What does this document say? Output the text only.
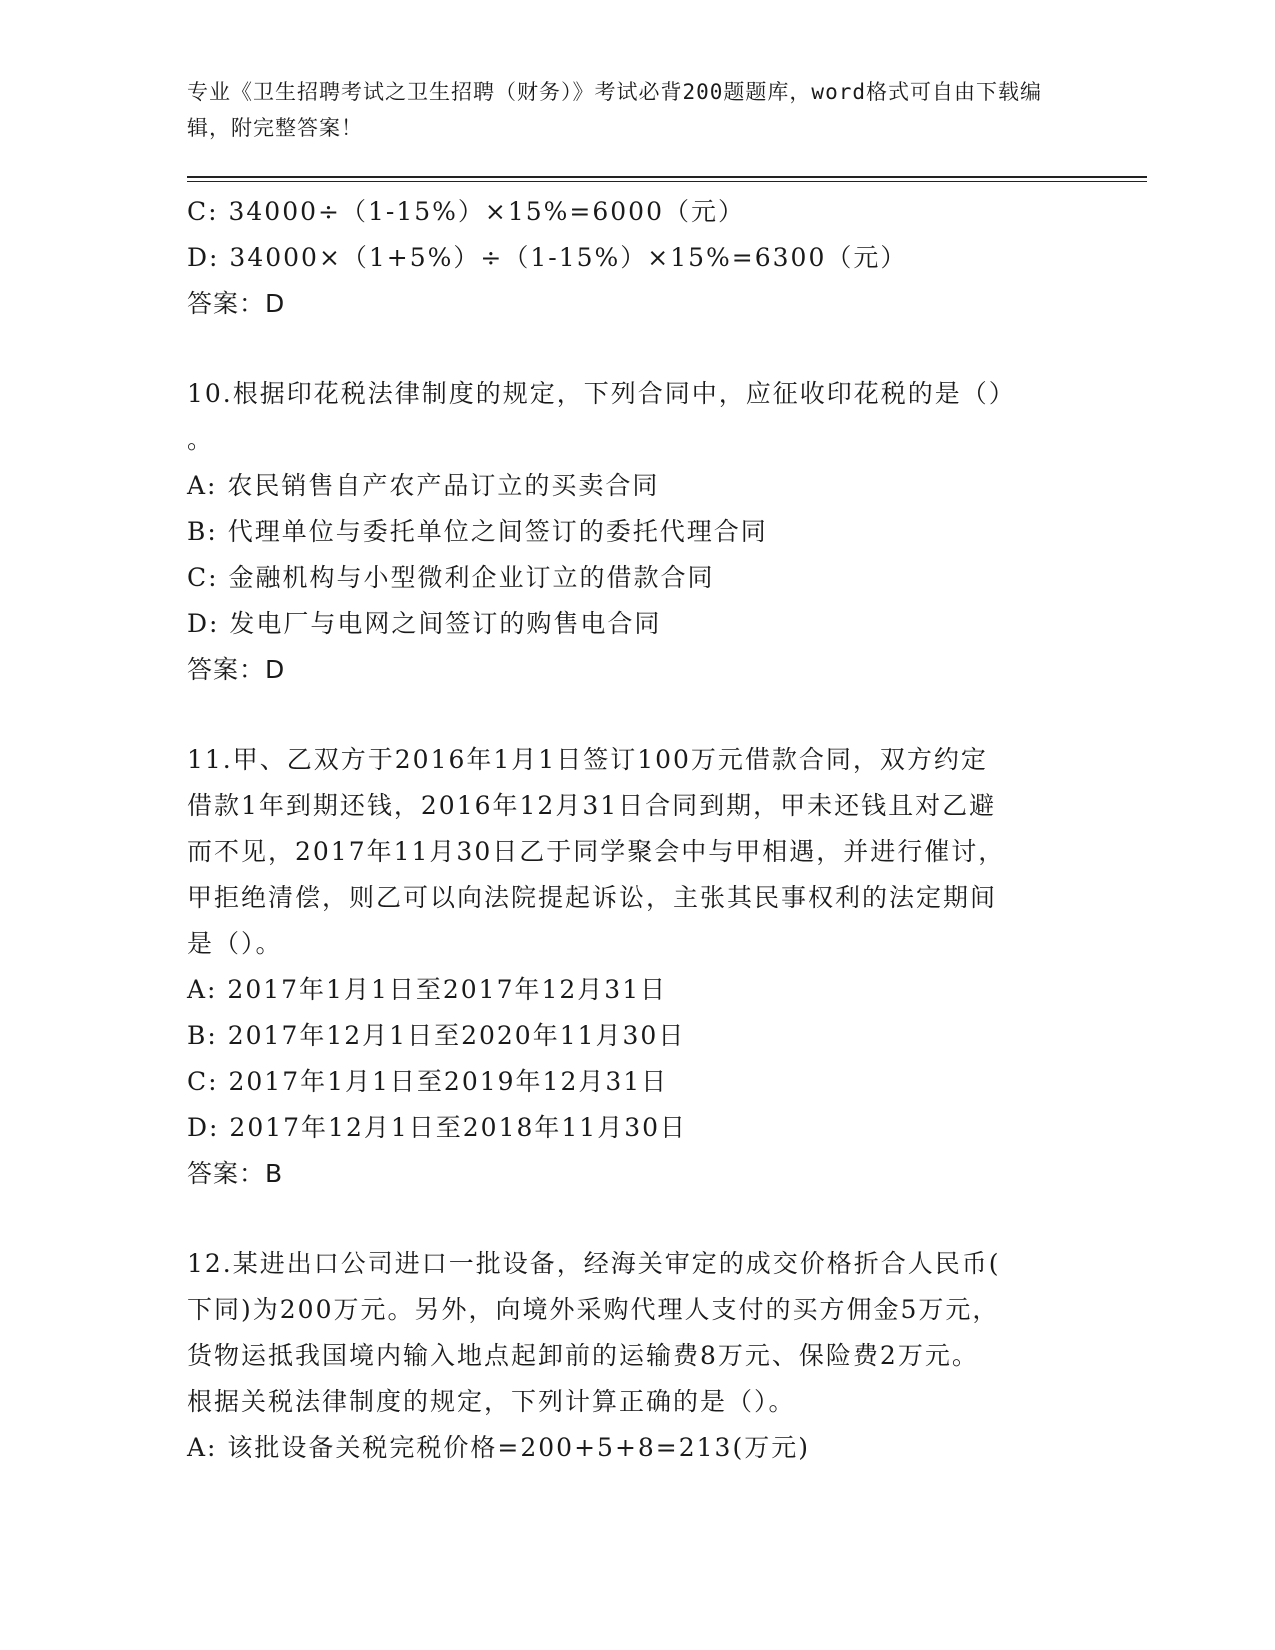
专业《卫生招聘考试之卫生招聘（财务）》考试必背200题题库，word格式可自由下载编辑，附完整答案！

C: 34000÷（1-15%）×15%=6000（元）

D: 34000×（1+5%）÷（1-15%）×15%=6300（元）

答案：D

10.根据印花税法律制度的规定，下列合同中，应征收印花税的是（）

。

A: 农民销售自产农产品订立的买卖合同

B: 代理单位与委托单位之间签订的委托代理合同

C: 金融机构与小型微利企业订立的借款合同

D: 发电厂与电网之间签订的购售电合同

答案：D

11.甲、乙双方于2016年1月1日签订100万元借款合同，双方约定

借款1年到期还钱，2016年12月31日合同到期，甲未还钱且对乙避

而不见，2017年11月30日乙于同学聚会中与甲相遇，并进行催讨，

甲拒绝清偿，则乙可以向法院提起诉讼，主张其民事权利的法定期间

是（）。

A: 2017年1月1日至2017年12月31日

B: 2017年12月1日至2020年11月30日

C: 2017年1月1日至2019年12月31日

D: 2017年12月1日至2018年11月30日

答案：B

12.某进出口公司进口一批设备，经海关审定的成交价格折合人民币(

下同)为200万元。另外，向境外采购代理人支付的买方佣金5万元，

货物运抵我国境内输入地点起卸前的运输费8万元、保险费2万元。

根据关税法律制度的规定，下列计算正确的是（）。

A: 该批设备关税完税价格=200+5+8=213(万元)
